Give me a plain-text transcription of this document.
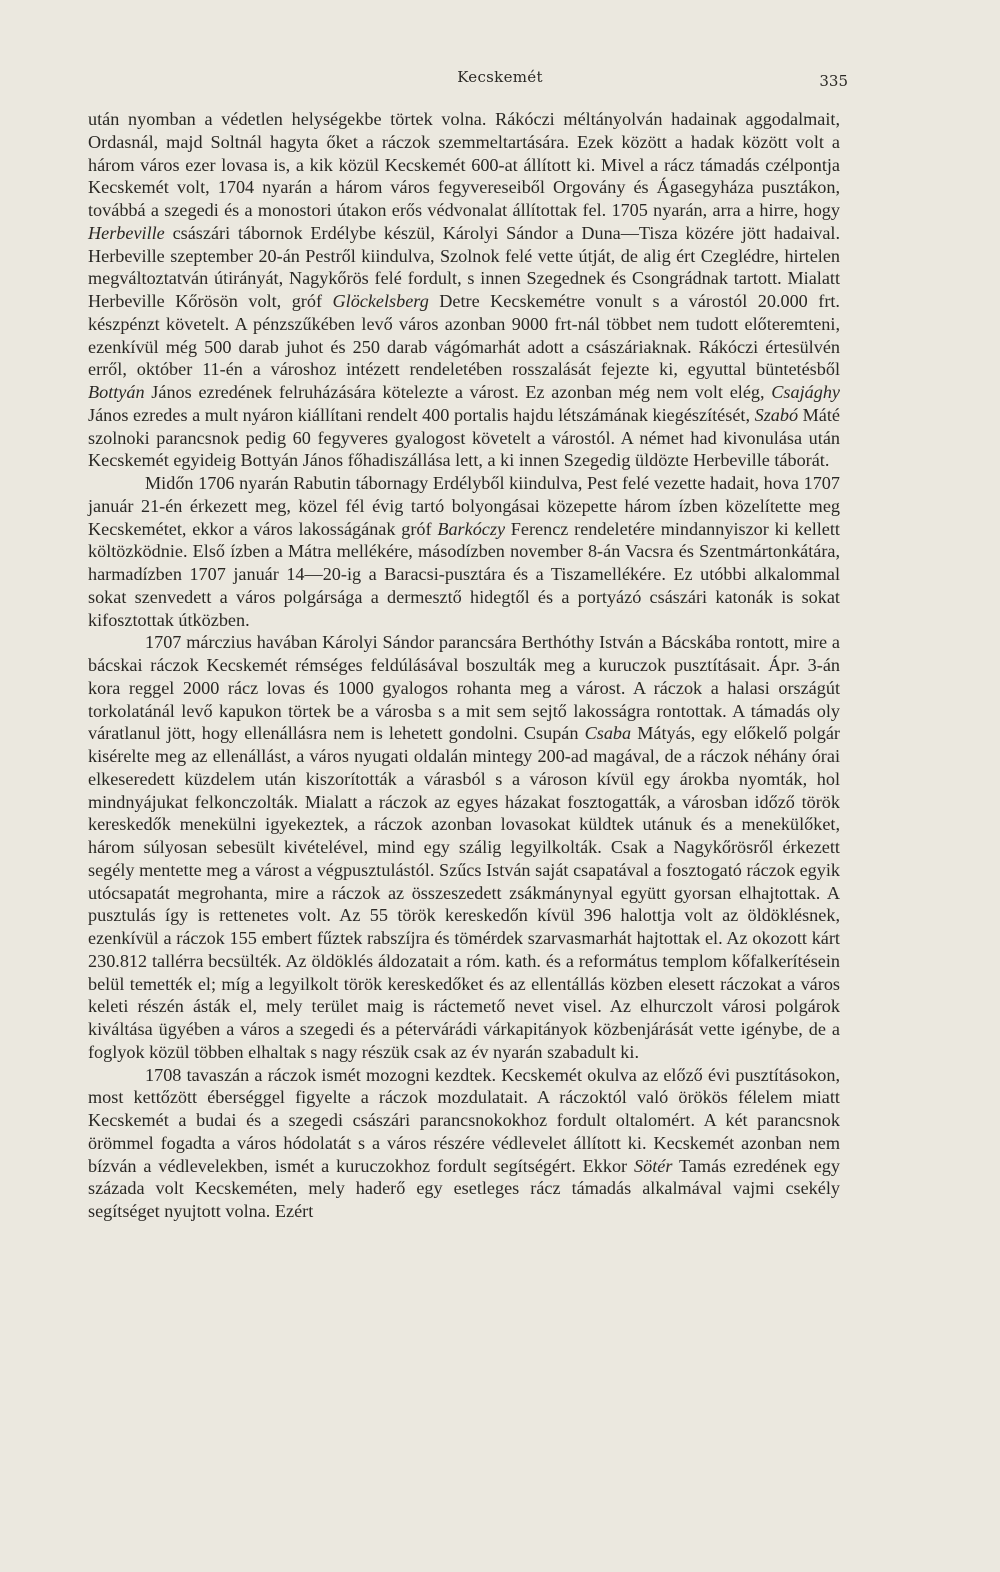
Kecskemét	335

után nyomban a védetlen helységekbe törtek volna. Rákóczi méltányolván hadainak aggodalmait, Ordasnál, majd Soltnál hagyta őket a ráczok szemmeltartására. Ezek között a hadak között volt a három város ezer lovasa is, a kik közül Kecskemét 600-at állított ki. Mivel a rácz támadás czélpontja Kecskemét volt, 1704 nyarán a három város fegyvereseiből Orgovány és Ágasegyháza pusztákon, továbbá a szegedi és a monostori útakon erős védvonalat állítottak fel. 1705 nyarán, arra a hirre, hogy Herbeville császári tábornok Erdélybe készül, Károlyi Sándor a Duna—Tisza közére jött hadaival. Herbeville szeptember 20-án Pestről kiindulva, Szolnok felé vette útját, de alig ért Czeglédre, hirtelen megváltoztatván útirányát, Nagykőrös felé fordult, s innen Szegednek és Csongrádnak tartott. Mialatt Herbeville Kőrösön volt, gróf Glöckelsberg Detre Kecskemétre vonult s a várostól 20.000 frt. készpénzt követelt. A pénzszűkében levő város azonban 9000 frt-nál többet nem tudott előteremteni, ezenkívül még 500 darab juhot és 250 darab vágómarhát adott a császáriaknak. Rákóczi értesülvén erről, október 11-én a városhoz intézett rendeletében rosszalását fejezte ki, egyuttal büntetésből Bottyán János ezredének felruházására kötelezte a várost. Ez azonban még nem volt elég, Csajághy János ezredes a mult nyáron kiállítani rendelt 400 portalis hajdu létszámának kiegészítését, Szabó Máté szolnoki parancsnok pedig 60 fegyveres gyalogost követelt a várostól. A német had kivonulása után Kecskemét egyideig Bottyán János főhadiszállása lett, a ki innen Szegedig üldözte Herbeville táborát.

Midőn 1706 nyarán Rabutin tábornagy Erdélyből kiindulva, Pest felé vezette hadait, hova 1707 január 21-én érkezett meg, közel fél évig tartó bolyongásai közepette három ízben közelítette meg Kecskemétet, ekkor a város lakosságának gróf Barkóczy Ferencz rendeletére mindannyiszor ki kellett költözködnie. Első ízben a Mátra mellékére, másodízben november 8-án Vacsra és Szentmártonkátára, harmadízben 1707 január 14—20-ig a Baracsi-pusztára és a Tiszamellékére. Ez utóbbi alkalommal sokat szenvedett a város polgársága a dermesztő hidegtől és a portyázó császári katonák is sokat kifosztottak útközben.

1707 márczius havában Károlyi Sándor parancsára Berthóthy István a Bácskába rontott, mire a bácskai ráczok Kecskemét rémséges feldúlásával boszulták meg a kuruczok pusztításait. Ápr. 3-án kora reggel 2000 rácz lovas és 1000 gyalogos rohanta meg a várost. A ráczok a halasi országút torkolatánál levő kapukon törtek be a városba s a mit sem sejtő lakosságra rontottak. A támadás oly váratlanul jött, hogy ellenállásra nem is lehetett gondolni. Csupán Csaba Mátyás, egy előkelő polgár kisérelte meg az ellenállást, a város nyugati oldalán mintegy 200-ad magával, de a ráczok néhány órai elkeseredett küzdelem után kiszorították a várasból s a városon kívül egy árokba nyomták, hol mindnyájukat felkonczolták. Mialatt a ráczok az egyes házakat fosztogatták, a városban időző török kereskedők menekülni igyekeztek, a ráczok azonban lovasokat küldtek utánuk és a menekülőket, három súlyosan sebesült kivételével, mind egy szálig legyilkolták. Csak a Nagykőrösről érkezett segély mentette meg a várost a végpusztulástól. Szűcs István saját csapatával a fosztogató ráczok egyik utócsapatát megrohanta, mire a ráczok az összeszedett zsákmánynyal együtt gyorsan elhajtottak. A pusztulás így is rettenetes volt. Az 55 török kereskedőn kívül 396 halottja volt az öldöklésnek, ezenkívül a ráczok 155 embert fűztek rabszíjra és tömérdek szarvasmarhát hajtottak el. Az okozott kárt 230.812 tallérra becsülték. Az öldöklés áldozatait a róm. kath. és a református templom kőfalkerítésein belül temették el; míg a legyilkolt török kereskedőket és az ellentállás közben elesett ráczokat a város keleti részén ásták el, mely terület maig is ráctemető nevet visel. Az elhurczolt városi polgárok kiváltása ügyében a város a szegedi és a pétervárádi várkapitányok közbenjárását vette igénybe, de a foglyok közül többen elhaltak s nagy részük csak az év nyarán szabadult ki.

1708 tavaszán a ráczok ismét mozogni kezdtek. Kecskemét okulva az előző évi pusztításokon, most kettőzött éberséggel figyelte a ráczok mozdulatait. A ráczoktól való örökös félelem miatt Kecskemét a budai és a szegedi császári parancsnokokhoz fordult oltalomért. A két parancsnok örömmel fogadta a város hódolatát s a város részére védlevelet állított ki. Kecskemét azonban nem bízván a védlevelekben, ismét a kuruczokhoz fordult segítségért. Ekkor Sötér Tamás ezredének egy százada volt Kecskeméten, mely haderő egy esetleges rácz támadás alkalmával vajmi csekély segítséget nyujtott volna. Ezért
